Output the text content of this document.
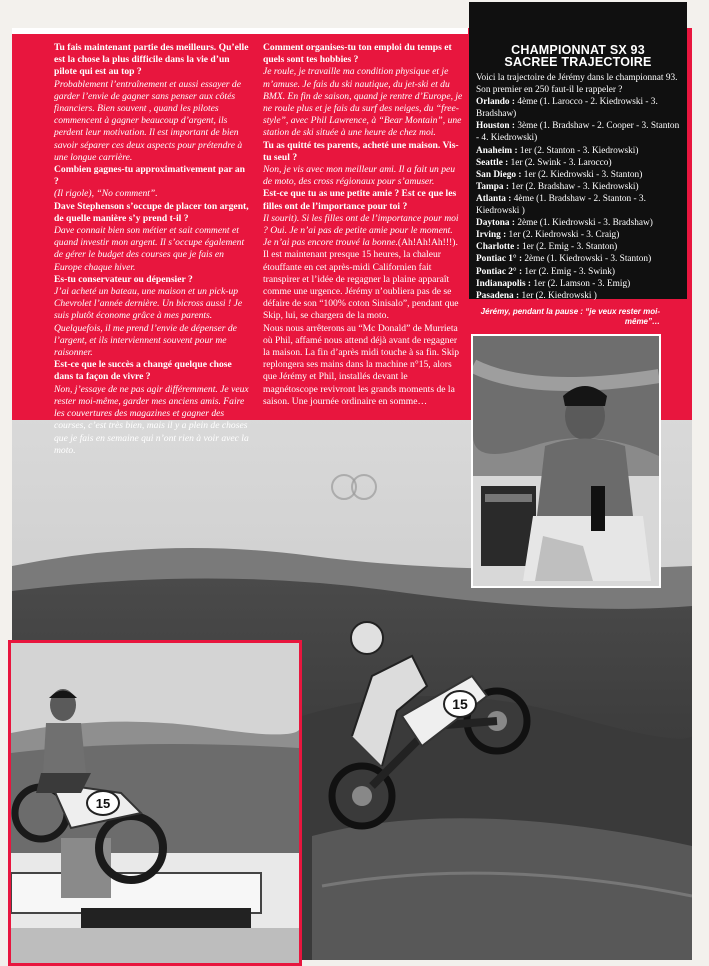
15

Tu fais maintenant partie des meilleurs. Qu’elle est la chose la plus difficile dans la vie d’un pilote qui est au top ?

Probablement l’entraînement et aussi essayer de garder l’envie de gagner sans penser aux côtés financiers. Bien souvent , quand les pilotes commencent à gagner beaucoup d’argent, ils perdent leur motivation. Il est important de bien savoir séparer ces deux aspects pour prétendre à une longue carrière.

Combien gagnes-tu approximativement par an ?

(Il rigole), “No comment”.

Dave Stephenson s’occupe de placer ton argent, de quelle manière s’y prend t-il ?

Dave connait bien son métier et sait comment et quand investir mon argent. Il s’occupe également de gérer le budget des courses que je fais en Europe chaque hiver.

Es-tu conservateur ou dépensier ?

J’ai acheté un bateau, une maison et un pick-up Chevrolet l’année dernière. Un bicross aussi ! Je suis plutôt économe grâce à mes parents. Quelquefois, il me prend l’envie de dépenser de l’argent, et ils interviennent souvent pour me raisonner.

Est-ce que le succès a changé quelque chose dans ta façon de vivre ?

Non, j’essaye de ne pas agir différemment. Je veux rester moi-même, garder mes anciens amis. Faire les couvertures des magazines et gagner des courses, c’est très bien, mais il y a plein de choses que je fais en semaine qui n’ont rien à voir avec la moto.

Comment organises-tu ton emploi du temps et quels sont tes hobbies ?

Je roule, je travaille ma condition physique et je m’amuse. Je fais du ski nautique, du jet-ski et du BMX. En fin de saison, quand je rentre d’Europe, je ne roule plus et je fais du surf des neiges, du “free-style”, avec Phil Lawrence, à “Bear Montain”, une station de ski située à une heure de chez moi.

Tu as quitté tes parents, acheté une maison. Vis-tu seul ?

Non, je vis avec mon meilleur ami. Il a fait un peu de moto, des cross régionaux pour s’amuser.

Est-ce que tu as une petite amie ? Est ce que les filles ont de l’importance pour toi ?

Il sourit). Si les filles ont de l’importance pour moi ? Oui. Je n’ai pas de petite amie pour le moment. Je n’ai pas encore trouvé la bonne.(Ah!Ah!Ah!!!).

Il est maintenant presque 15 heures, la chaleur étouffante en cet après-midi Californien fait transpirer et l’idée de regagner la plaine apparaît comme une urgence. Jérémy n’oubliera pas de se défaire de son “100% coton Sinisalo”, pendant que Skip, lui, se chargera de la moto.

Nous nous arrêterons au “Mc Donald” de Murrieta où Phil, affamé nous attend déjà avant de regagner la maison. La fin d’après midi touche à sa fin. Skip replongera ses mains dans la machine n°15, alors que Jérémy et Phil, installés devant le magnétoscope revivront les grands moments de la saison. Une journée ordinaire en somme…

CHAMPIONNAT SX 93
SACREE TRAJECTOIRE

Voici la trajectoire de Jérémy dans le championnat 93. Son premier en 250 faut-il le rappeler ?

Orlando : 4ème (1. Larocco - 2. Kiedrowski - 3. Bradshaw)

Houston : 3ème (1. Bradshaw - 2. Cooper - 3. Stanton - 4. Kiedrowski)

Anaheim : 1er (2. Stanton - 3. Kiedrowski)

Seattle : 1er (2. Swink - 3. Larocco)

San Diego : 1er (2. Kiedrowski - 3. Stanton)

Tampa : 1er (2. Bradshaw - 3. Kiedrowski)

Atlanta : 4ème (1. Bradshaw - 2. Stanton - 3. Kiedrowski )

Daytona : 2ème (1. Kiedrowski - 3. Bradshaw)

Irving : 1er (2. Kiedrowski - 3. Craig)

Charlotte : 1er (2. Emig - 3. Stanton)

Pontiac 1° : 2ème (1. Kiedrowski - 3. Stanton)

Pontiac 2° : 1er (2. Emig - 3. Swink)

Indianapolis : 1er (2. Lamson - 3. Emig)

Pasadena : 1er (2. Kiedrowski )

Jérémy, pendant la pause : “je veux rester moi-même”…
15
